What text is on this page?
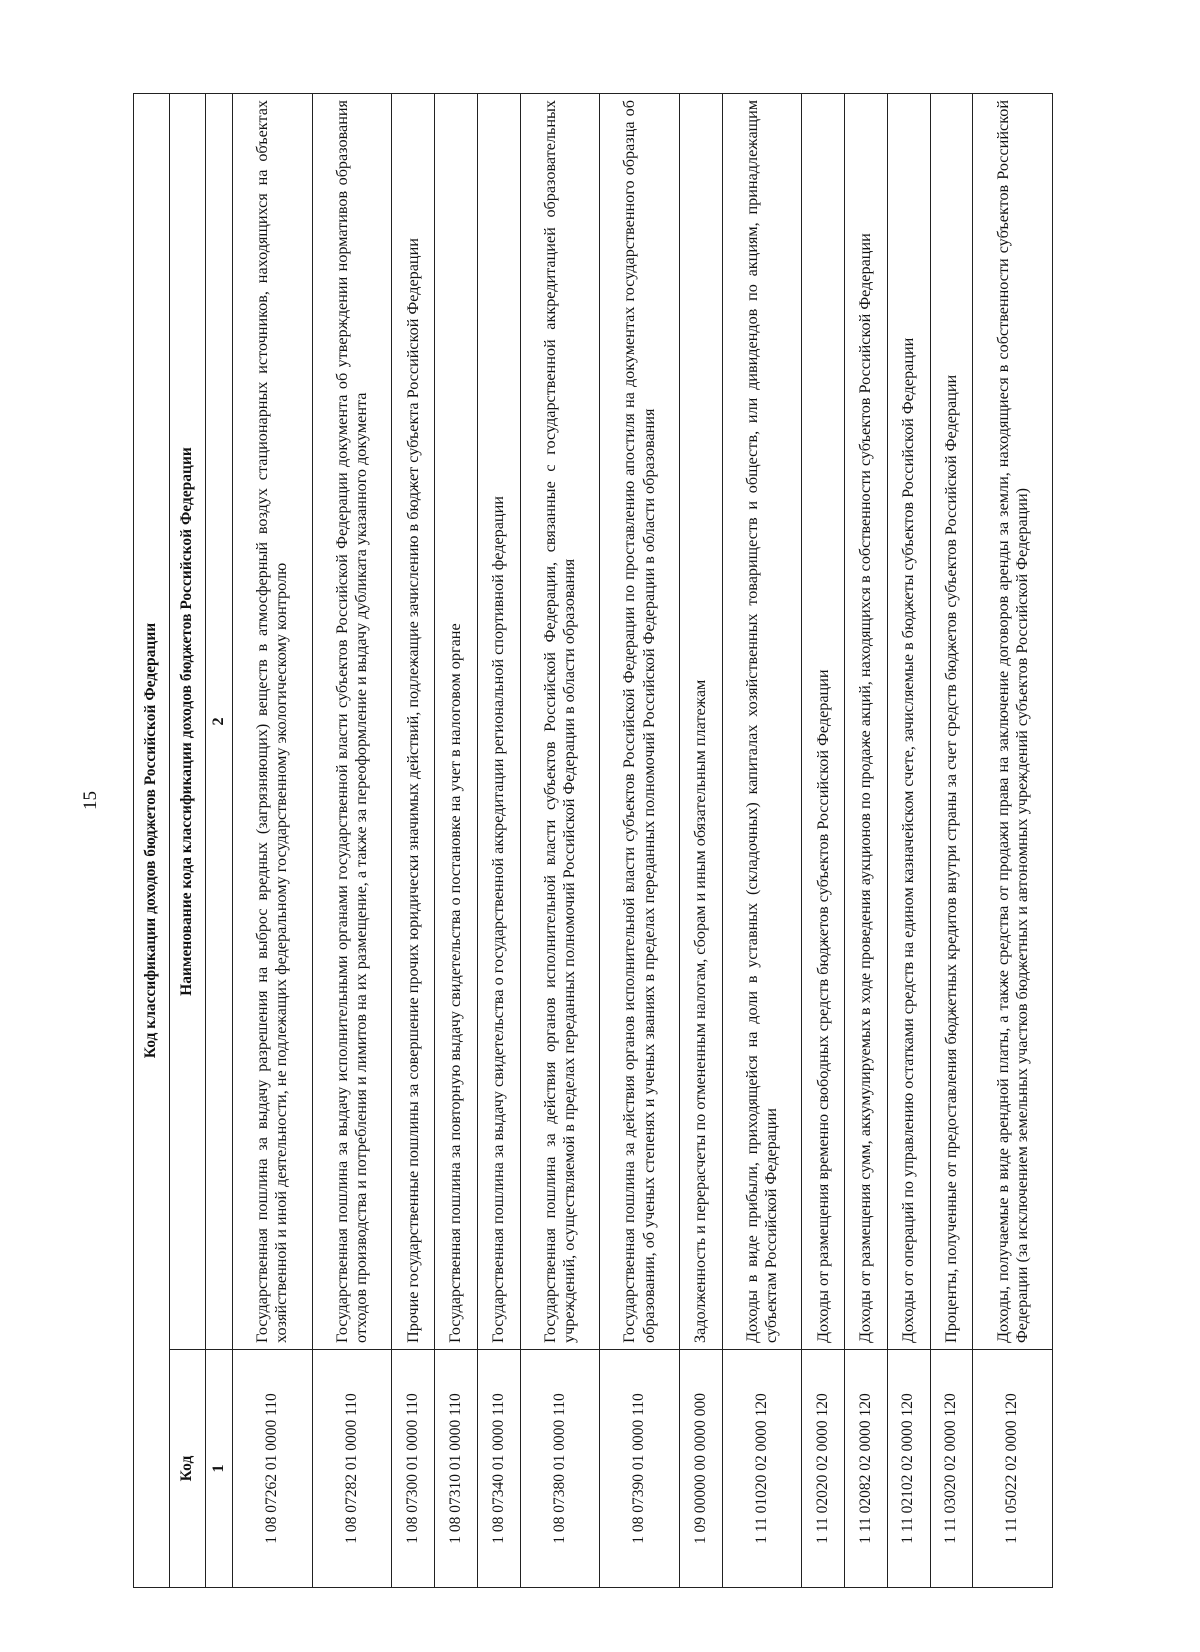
15	Код классификации доходов бюджетов Российской Федерации	
Код	Наименование кода классификации доходов бюджетов Российской Федерации
1	2
1 08 07262 01 0000 110	Государственная пошлина за выдачу разрешения на выброс вредных (загрязняющих) веществ в атмосферный воздух стационарных источников, находящихся на объектах хозяйственной и иной деятельности, не подлежащих федеральному государственному экологическому контролю
1 08 07282 01 0000 110	Государственная пошлина за выдачу исполнительными органами государственной власти субъектов Российской Федерации документа об утверждении нормативов образования отходов производства и потребления и лимитов на их размещение, а также за переоформление и выдачу дубликата указанного документа
1 08 07300 01 0000 110	Прочие государственные пошлины за совершение прочих юридически значимых действий, подлежащие зачислению в бюджет субъекта Российской Федерации
1 08 07310 01 0000 110	Государственная пошлина за повторную выдачу свидетельства о постановке на учет в налоговом органе
1 08 07340 01 0000 110	Государственная пошлина за выдачу свидетельства о государственной аккредитации региональной спортивной федерации
1 08 07380 01 0000 110	Государственная пошлина за действия органов исполнительной власти субъектов Российской Федерации, связанные с государственной аккредитацией образовательных учреждений, осуществляемой в пределах переданных полномочий Российской Федерации в области образования
1 08 07390 01 0000 110	Государственная пошлина за действия органов исполнительной власти субъектов Российской Федерации по проставлению апостиля на документах государственного образца об образовании, об ученых степенях и ученых званиях в пределах переданных полномочий Российской Федерации в области образования
1 09 00000 00 0000 000	Задолженность и перерасчеты по отмененным налогам, сборам и иным обязательным платежам
1 11 01020 02 0000 120	Доходы в виде прибыли, приходящейся на доли в уставных (складочных) капиталах хозяйственных товариществ и обществ, или дивидендов по акциям, принадлежащим субъектам Российской Федерации
1 11 02020 02 0000 120	Доходы от размещения временно свободных средств бюджетов субъектов Российской Федерации
1 11 02082 02 0000 120	Доходы от размещения сумм, аккумулируемых в ходе проведения аукционов по продаже акций, находящихся в собственности субъектов Российской Федерации
1 11 02102 02 0000 120	Доходы от операций по управлению остатками средств на едином казначейском счете, зачисляемые в бюджеты субъектов Российской Федерации
1 11 03020 02 0000 120	Проценты, полученные от предоставления бюджетных кредитов внутри страны за счет средств бюджетов субъектов Российской Федерации
1 11 05022 02 0000 120	Доходы, получаемые в виде арендной платы, а также средства от продажи права на заключение договоров аренды за земли, находящиеся в собственности субъектов Российской Федерации (за исключением земельных участков бюджетных и автономных учреждений субъектов Российской Федерации)
